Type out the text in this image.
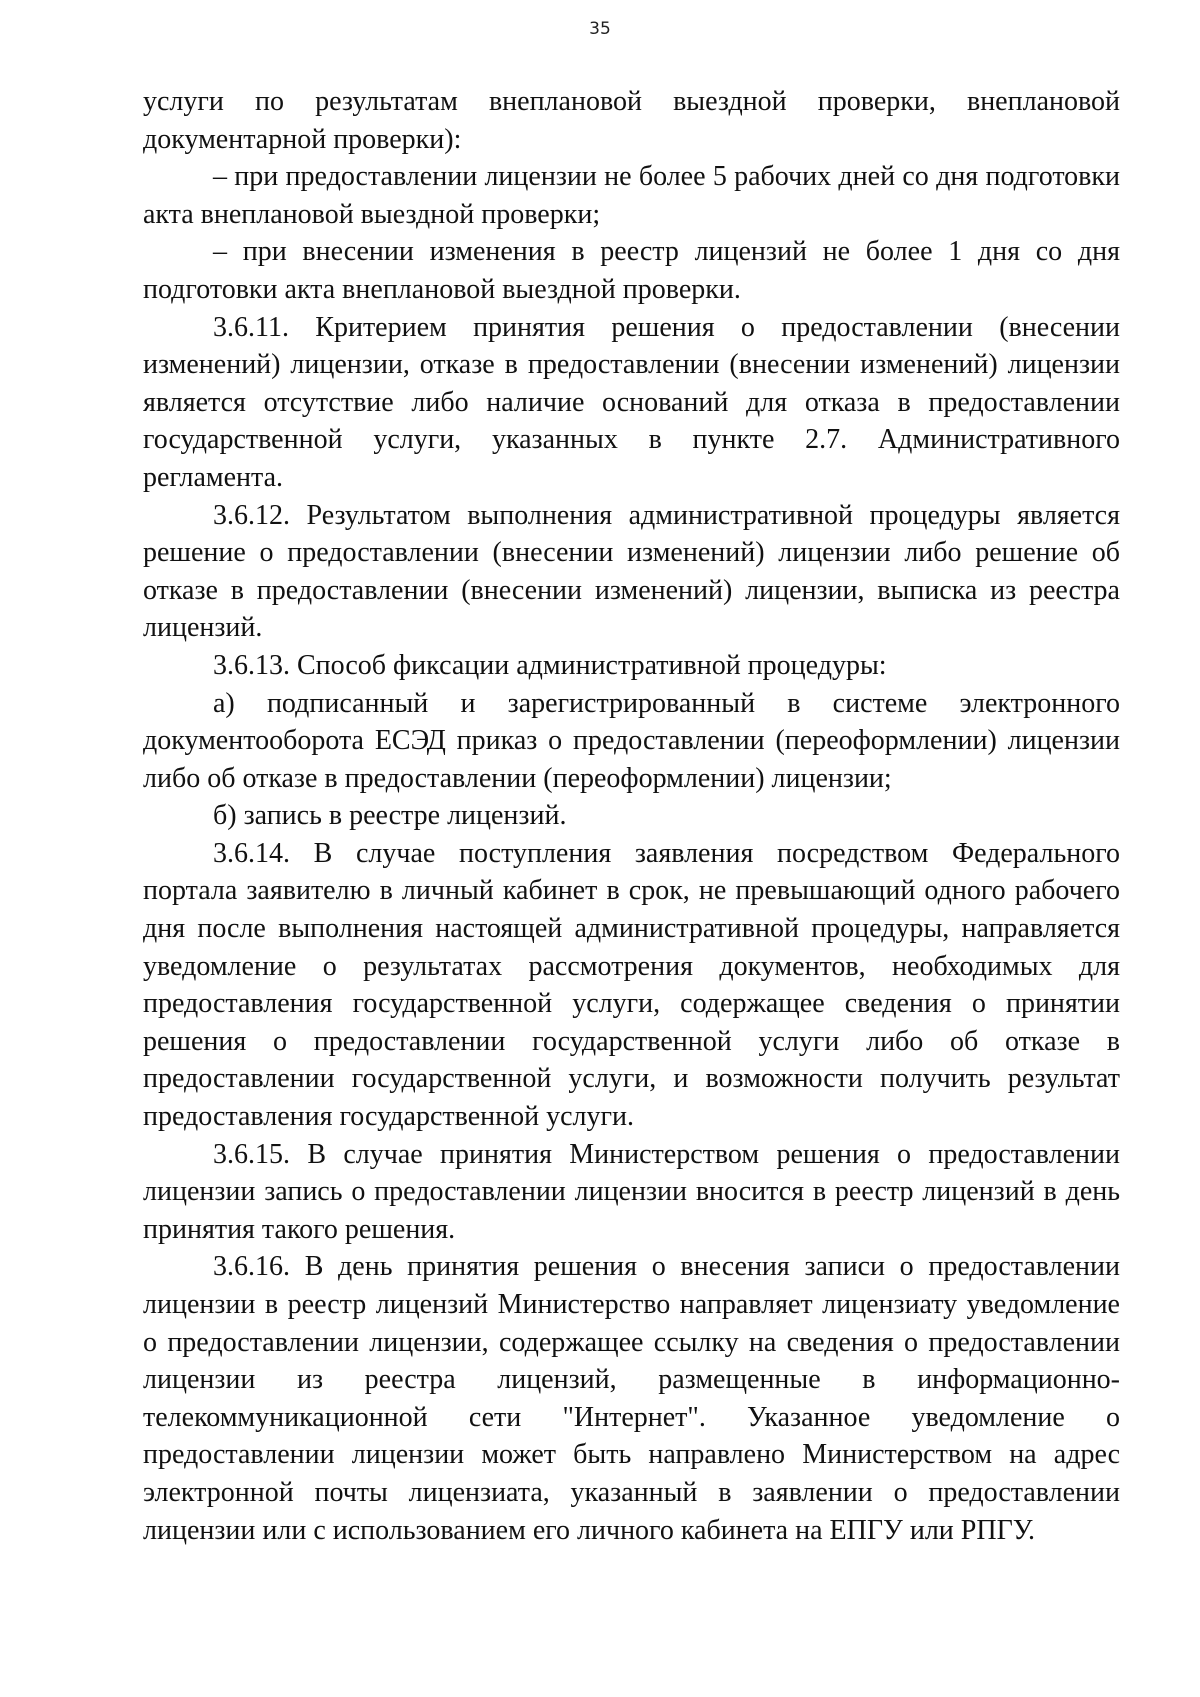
35

услуги по результатам внеплановой выездной проверки, внеплановой документарной проверки):

– при предоставлении лицензии не более 5 рабочих дней со дня подготовки акта внеплановой выездной проверки;

– при внесении изменения в реестр лицензий не более 1 дня со дня подготовки акта внеплановой выездной проверки.

3.6.11. Критерием принятия решения о предоставлении (внесении изменений) лицензии, отказе в предоставлении (внесении изменений) лицензии является отсутствие либо наличие оснований для отказа в предоставлении государственной услуги, указанных в пункте 2.7. Административного регламента.

3.6.12. Результатом выполнения административной процедуры является решение о предоставлении (внесении изменений) лицензии либо решение об отказе в предоставлении (внесении изменений) лицензии, выписка из реестра лицензий.

3.6.13. Способ фиксации административной процедуры:

а) подписанный и зарегистрированный в системе электронного документооборота ЕСЭД приказ о предоставлении (переоформлении) лицензии либо об отказе в предоставлении (переоформлении) лицензии;

б) запись в реестре лицензий.

3.6.14. В случае поступления заявления посредством Федерального портала заявителю в личный кабинет в срок, не превышающий одного рабочего дня после выполнения настоящей административной процедуры, направляется уведомление о результатах рассмотрения документов, необходимых для предоставления государственной услуги, содержащее сведения о принятии решения о предоставлении государственной услуги либо об отказе в предоставлении государственной услуги, и возможности получить результат предоставления государственной услуги.

3.6.15. В случае принятия Министерством решения о предоставлении лицензии запись о предоставлении лицензии вносится в реестр лицензий в день принятия такого решения.

3.6.16. В день принятия решения о внесения записи о предоставлении лицензии в реестр лицензий Министерство направляет лицензиату уведомление о предоставлении лицензии, содержащее ссылку на сведения о предоставлении лицензии из реестра лицензий, размещенные в информационно-телекоммуникационной сети "Интернет". Указанное уведомление о предоставлении лицензии может быть направлено Министерством на адрес электронной почты лицензиата, указанный в заявлении о предоставлении лицензии или с использованием его личного кабинета на ЕПГУ или РПГУ.
